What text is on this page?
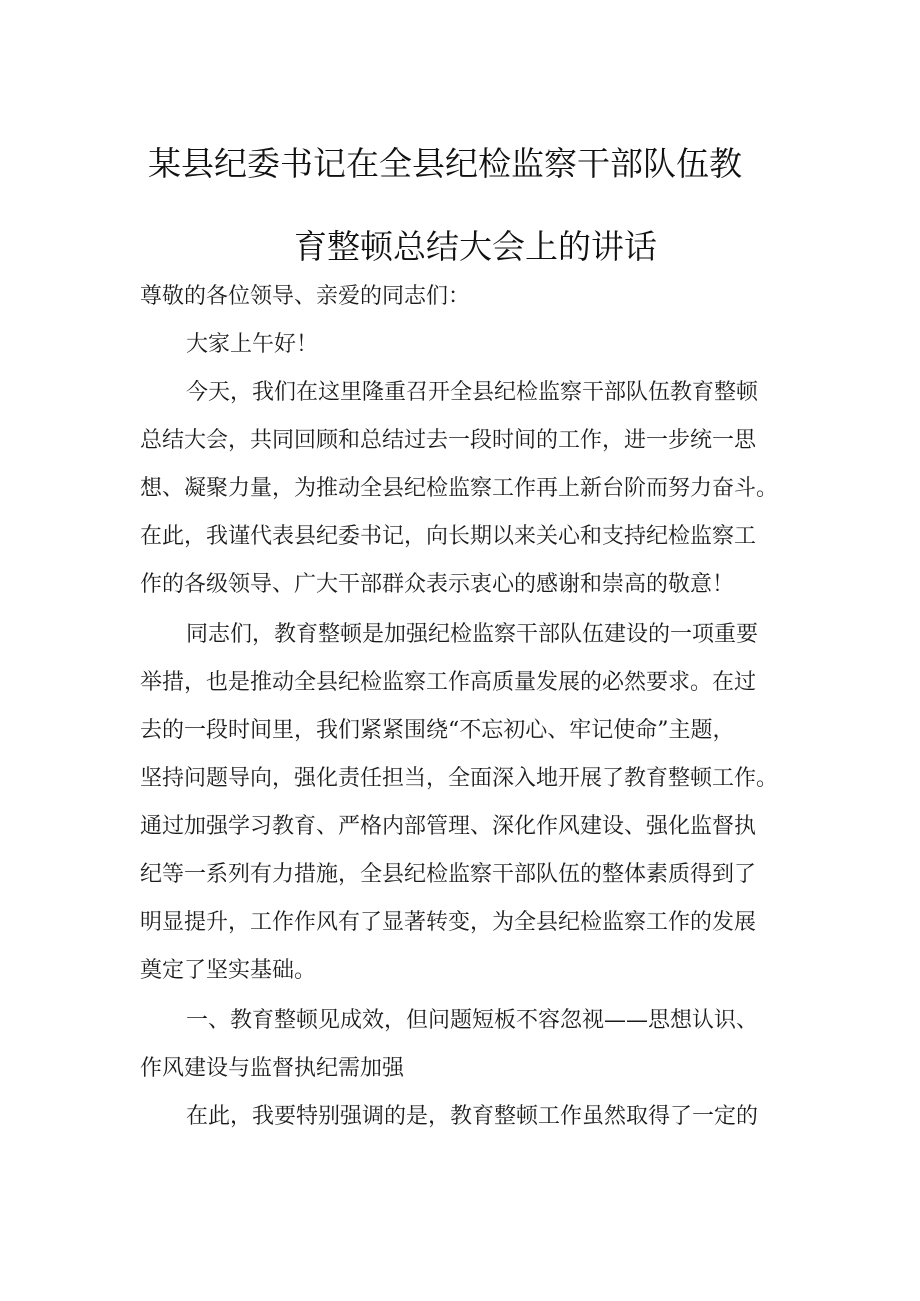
某县纪委书记在全县纪检监察干部队伍教
育整顿总结大会上的讲话
尊敬的各位领导、亲爱的同志们：
大家上午好！
今天，我们在这里隆重召开全县纪检监察干部队伍教育整顿
总结大会，共同回顾和总结过去一段时间的工作，进一步统一思
想、凝聚力量，为推动全县纪检监察工作再上新台阶而努力奋斗。
在此，我谨代表县纪委书记，向长期以来关心和支持纪检监察工
作的各级领导、广大干部群众表示衷心的感谢和崇高的敬意！
同志们，教育整顿是加强纪检监察干部队伍建设的一项重要
举措，也是推动全县纪检监察工作高质量发展的必然要求。在过
去的一段时间里，我们紧紧围绕“不忘初心、牢记使命”主题，
坚持问题导向，强化责任担当，全面深入地开展了教育整顿工作。
通过加强学习教育、严格内部管理、深化作风建设、强化监督执
纪等一系列有力措施，全县纪检监察干部队伍的整体素质得到了
明显提升，工作作风有了显著转变，为全县纪检监察工作的发展
奠定了坚实基础。
一、教育整顿见成效，但问题短板不容忽视——思想认识、
作风建设与监督执纪需加强
在此，我要特别强调的是，教育整顿工作虽然取得了一定的
